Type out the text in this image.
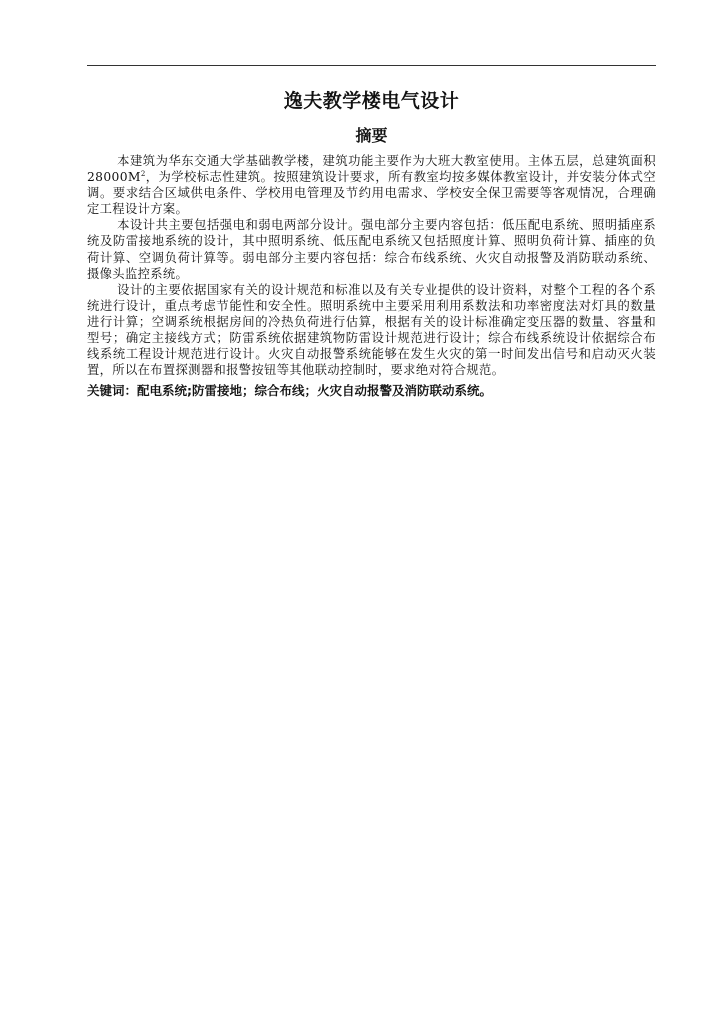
逸夫教学楼电气设计
摘要

本建筑为华东交通大学基础教学楼，建筑功能主要作为大班大教室使用。主体五层，总建筑面积 $28000M^2$，为学校标志性建筑。按照建筑设计要求，所有教室均按多媒体教室设计，并安装分体式空调。要求结合区域供电条件、学校用电管理及节约用电需求、学校安全保卫需要等客观情况，合理确定工程设计方案。

本设计共主要包括强电和弱电两部分设计。强电部分主要内容包括：低压配电系统、照明插座系统及防雷接地系统的设计，其中照明系统、低压配电系统又包括照度计算、照明负荷计算、插座的负荷计算、空调负荷计算等。弱电部分主要内容包括：综合布线系统、火灾自动报警及消防联动系统、摄像头监控系统。

设计的主要依据国家有关的设计规范和标准以及有关专业提供的设计资料，对整个工程的各个系统进行设计，重点考虑节能性和安全性。照明系统中主要采用利用系数法和功率密度法对灯具的数量进行计算；空调系统根据房间的冷热负荷进行估算，根据有关的设计标准确定变压器的数量、容量和型号；确定主接线方式；防雷系统依据建筑物防雷设计规范进行设计；综合布线系统设计依据综合布线系统工程设计规范进行设计。火灾自动报警系统能够在发生火灾的第一时间发出信号和启动灭火装置，所以在布置探测器和报警按钮等其他联动控制时，要求绝对符合规范。

关键词：配电系统;防雷接地；综合布线；火灾自动报警及消防联动系统。
